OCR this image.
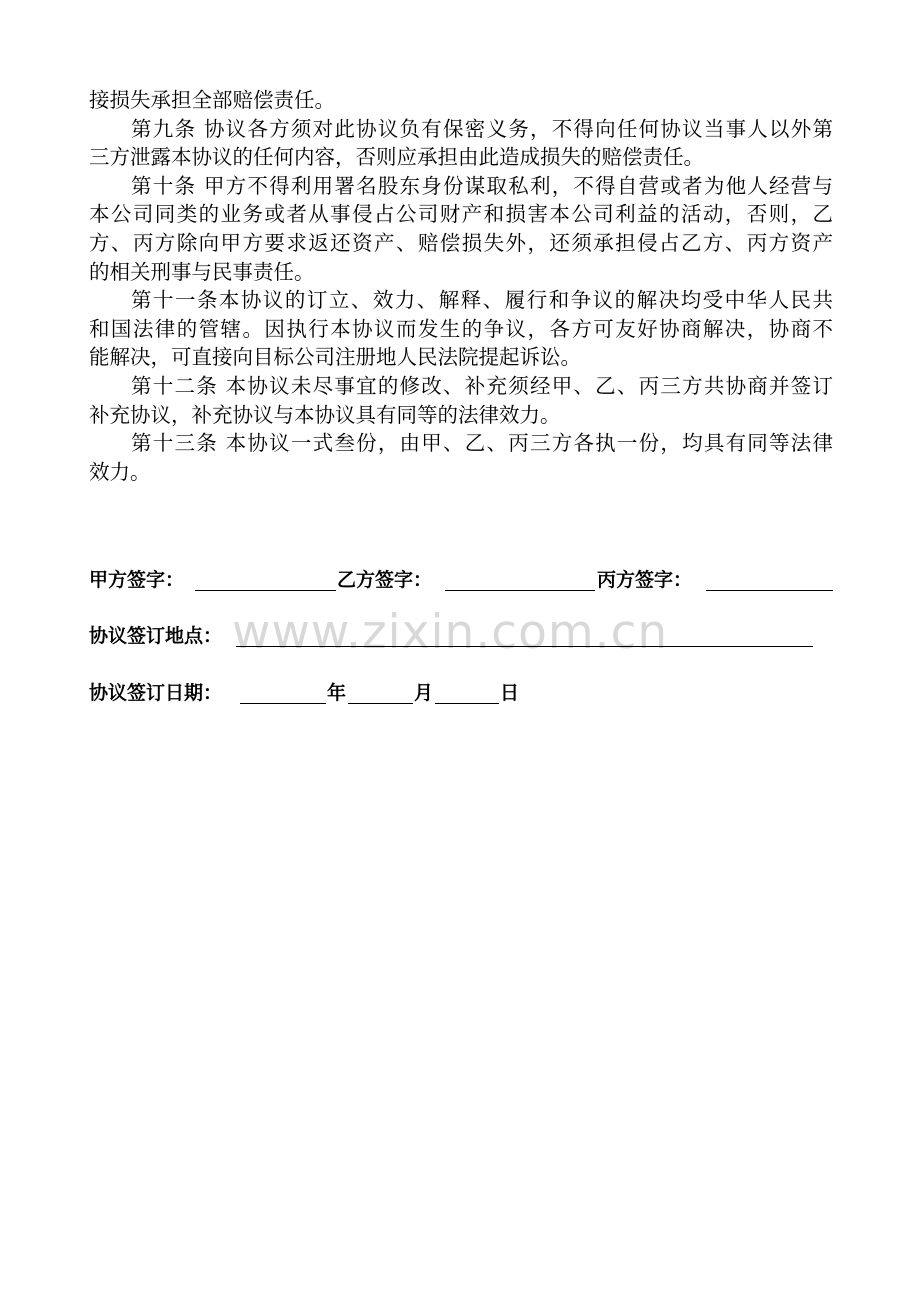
接损失承担全部赔偿责任。
第九条 协议各方须对此协议负有保密义务，不得向任何协议当事人以外第
三方泄露本协议的任何内容，否则应承担由此造成损失的赔偿责任。
第十条 甲方不得利用署名股东身份谋取私利，不得自营或者为他人经营与
本公司同类的业务或者从事侵占公司财产和损害本公司利益的活动，否则，乙
方、丙方除向甲方要求返还资产、赔偿损失外，还须承担侵占乙方、丙方资产
的相关刑事与民事责任。
第十一条本协议的订立、效力、解释、履行和争议的解决均受中华人民共
和国法律的管辖。因执行本协议而发生的争议，各方可友好协商解决，协商不
能解决，可直接向目标公司注册地人民法院提起诉讼。
第十二条 本协议未尽事宜的修改、补充须经甲、乙、丙三方共协商并签订
补充协议，补充协议与本协议具有同等的法律效力。
第十三条 本协议一式叁份，由甲、乙、丙三方各执一份，均具有同等法律
效力。
www.zixin.com.cn
甲方签字：	乙方签字：	丙方签字：
协议签订地点：
协议签订日期：	年	月	日
